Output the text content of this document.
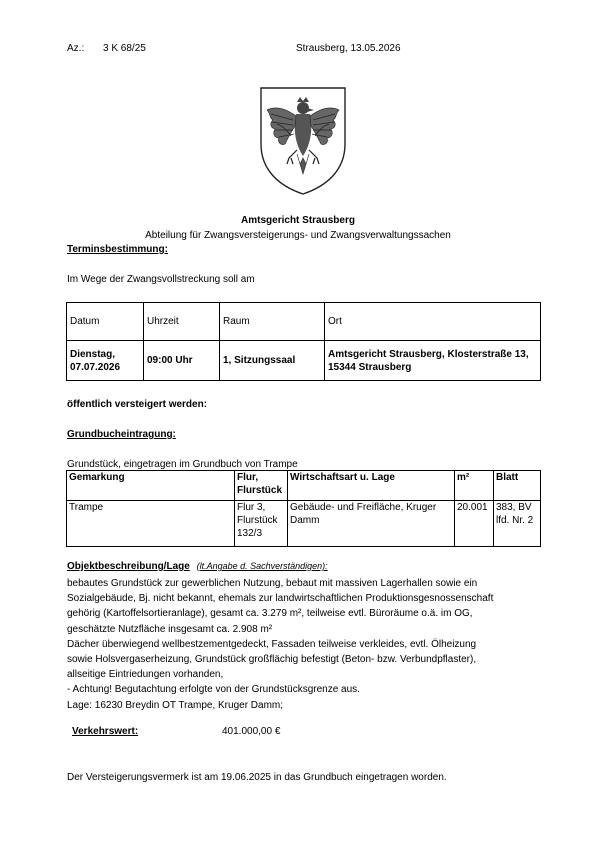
Az.: 3 K 68/25	Strausberg, 13.05.2026
Amtsgericht Strausberg
Abteilung für Zwangsversteigerungs- und Zwangsverwaltungssachen
Terminsbestimmung:
Im Wege der Zwangsvollstreckung soll am
Datum	Uhrzeit	Raum	Ort

Dienstag, 07.07.2026	09:00 Uhr	1, Sitzungssaal	Amtsgericht Strausberg, Klosterstraße 13, 15344 Strausberg
öffentlich versteigert werden:
Grundbucheintragung:
Grundstück, eingetragen im Grundbuch von Trampe
Gemarkung	Flur, Flurstück	Wirtschaftsart u. Lage	m²	Blatt

Trampe	Flur 3, Flurstück 132/3	Gebäude- und Freifläche, Kruger Damm	20.001	383, BV lfd. Nr. 2
Objektbeschreibung/Lage (lt.Angabe d. Sachverständigen):
bebautes Grundstück zur gewerblichen Nutzung, bebaut mit massiven Lagerhallen sowie ein
Sozialgebäude, Bj. nicht bekannt, ehemals zur landwirtschaftlichen Produktionsgesnossenschaft
gehörig (Kartoffelsortieranlage), gesamt ca. 3.279 m², teilweise evtl. Büroräume o.ä. im OG,
geschätzte Nutzfläche insgesamt ca. 2.908 m²
Dächer überwiegend wellbestzementgedeckt, Fassaden teilweise verkleides, evtl. Ölheizung
sowie Holsvergaserheizung, Grundstück großflächig befestigt (Beton- bzw. Verbundpflaster),
allseitige Eintriedungen vorhanden,
- Achtung! Begutachtung erfolgte von der Grundstücksgrenze aus.
Lage: 16230 Breydin OT Trampe, Kruger Damm;
Verkehrswert:	401.000,00 €
Der Versteigerungsvermerk ist am 19.06.2025 in das Grundbuch eingetragen worden.
